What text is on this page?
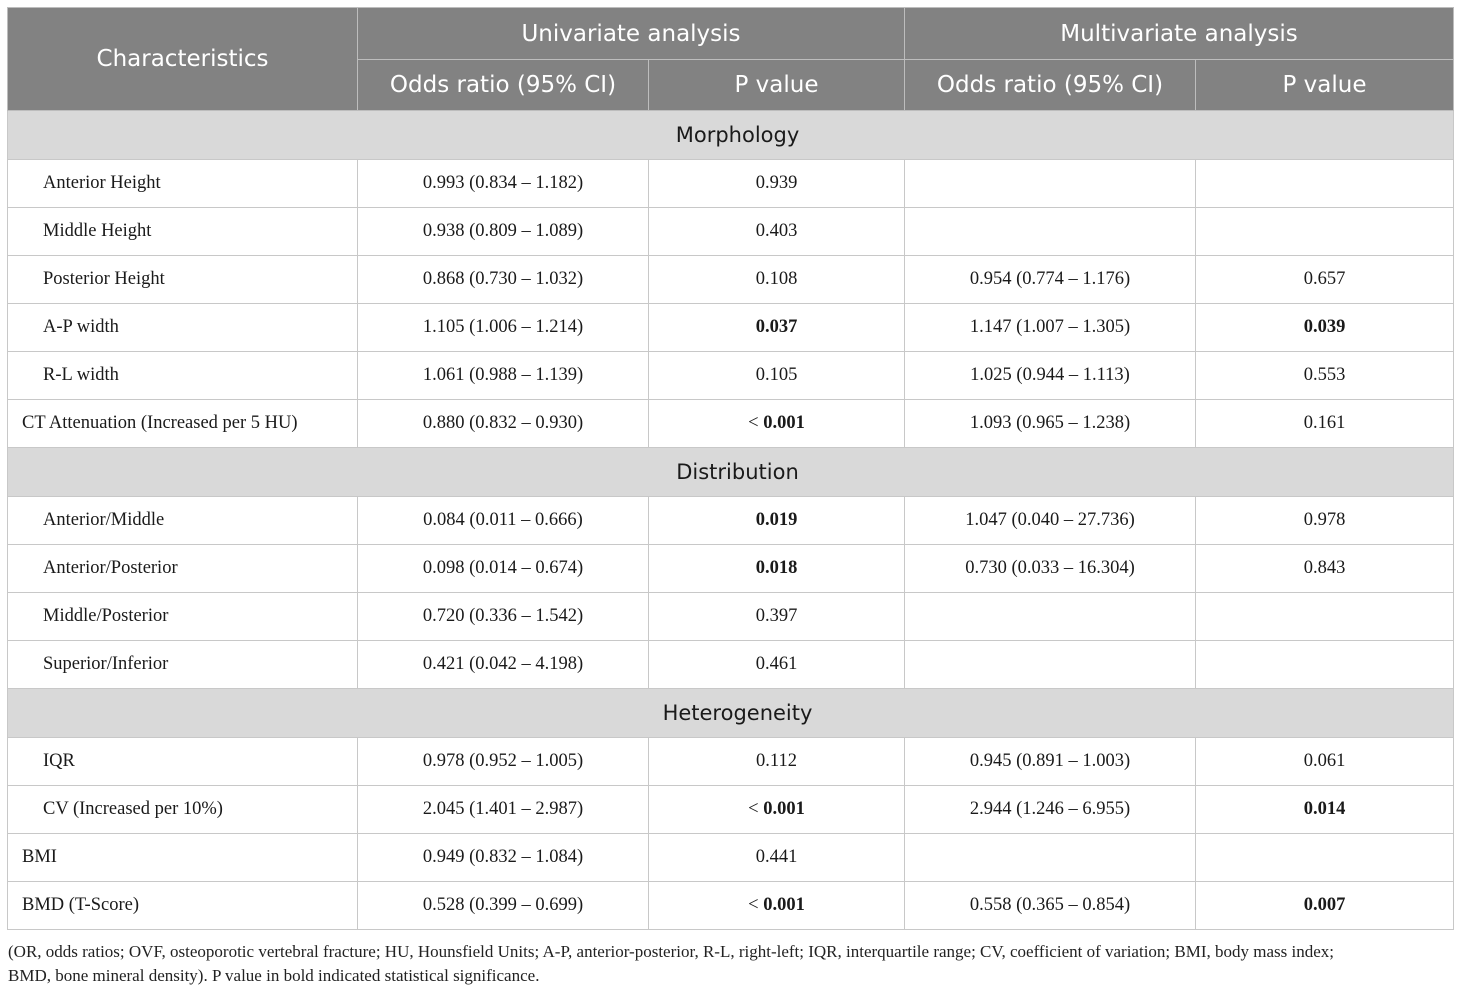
Characteristics	Univariate analysis		Multivariate analysis	
	Odds ratio (95% CI)	P value	Odds ratio (95% CI)	P value
Morphology				
Anterior Height	0.993 (0.834 – 1.182)	0.939		
Middle Height	0.938 (0.809 – 1.089)	0.403		
Posterior Height	0.868 (0.730 – 1.032)	0.108	0.954 (0.774 – 1.176)	0.657
A-P width	1.105 (1.006 – 1.214)	0.037	1.147 (1.007 – 1.305)	0.039
R-L width	1.061 (0.988 – 1.139)	0.105	1.025 (0.944 – 1.113)	0.553
CT Attenuation (Increased per 5 HU)	0.880 (0.832 – 0.930)	< 0.001	1.093 (0.965 – 1.238)	0.161
Distribution				
Anterior/Middle	0.084 (0.011 – 0.666)	0.019	1.047 (0.040 – 27.736)	0.978
Anterior/Posterior	0.098 (0.014 – 0.674)	0.018	0.730 (0.033 – 16.304)	0.843
Middle/Posterior	0.720 (0.336 – 1.542)	0.397		
Superior/Inferior	0.421 (0.042 – 4.198)	0.461		
Heterogeneity				
IQR	0.978 (0.952 – 1.005)	0.112	0.945 (0.891 – 1.003)	0.061
CV (Increased per 10%)	2.045 (1.401 – 2.987)	< 0.001	2.944 (1.246 – 6.955)	0.014
BMI	0.949 (0.832 – 1.084)	0.441		
BMD (T-Score)	0.528 (0.399 – 0.699)	< 0.001	0.558 (0.365 – 0.854)	0.007
(OR, odds ratios; OVF, osteoporotic vertebral fracture; HU, Hounsfield Units; A-P, anterior-posterior, R-L, right-left; IQR, interquartile range; CV, coefficient of variation; BMI, body mass index;
BMD, bone mineral density). P value in bold indicated statistical significance.
